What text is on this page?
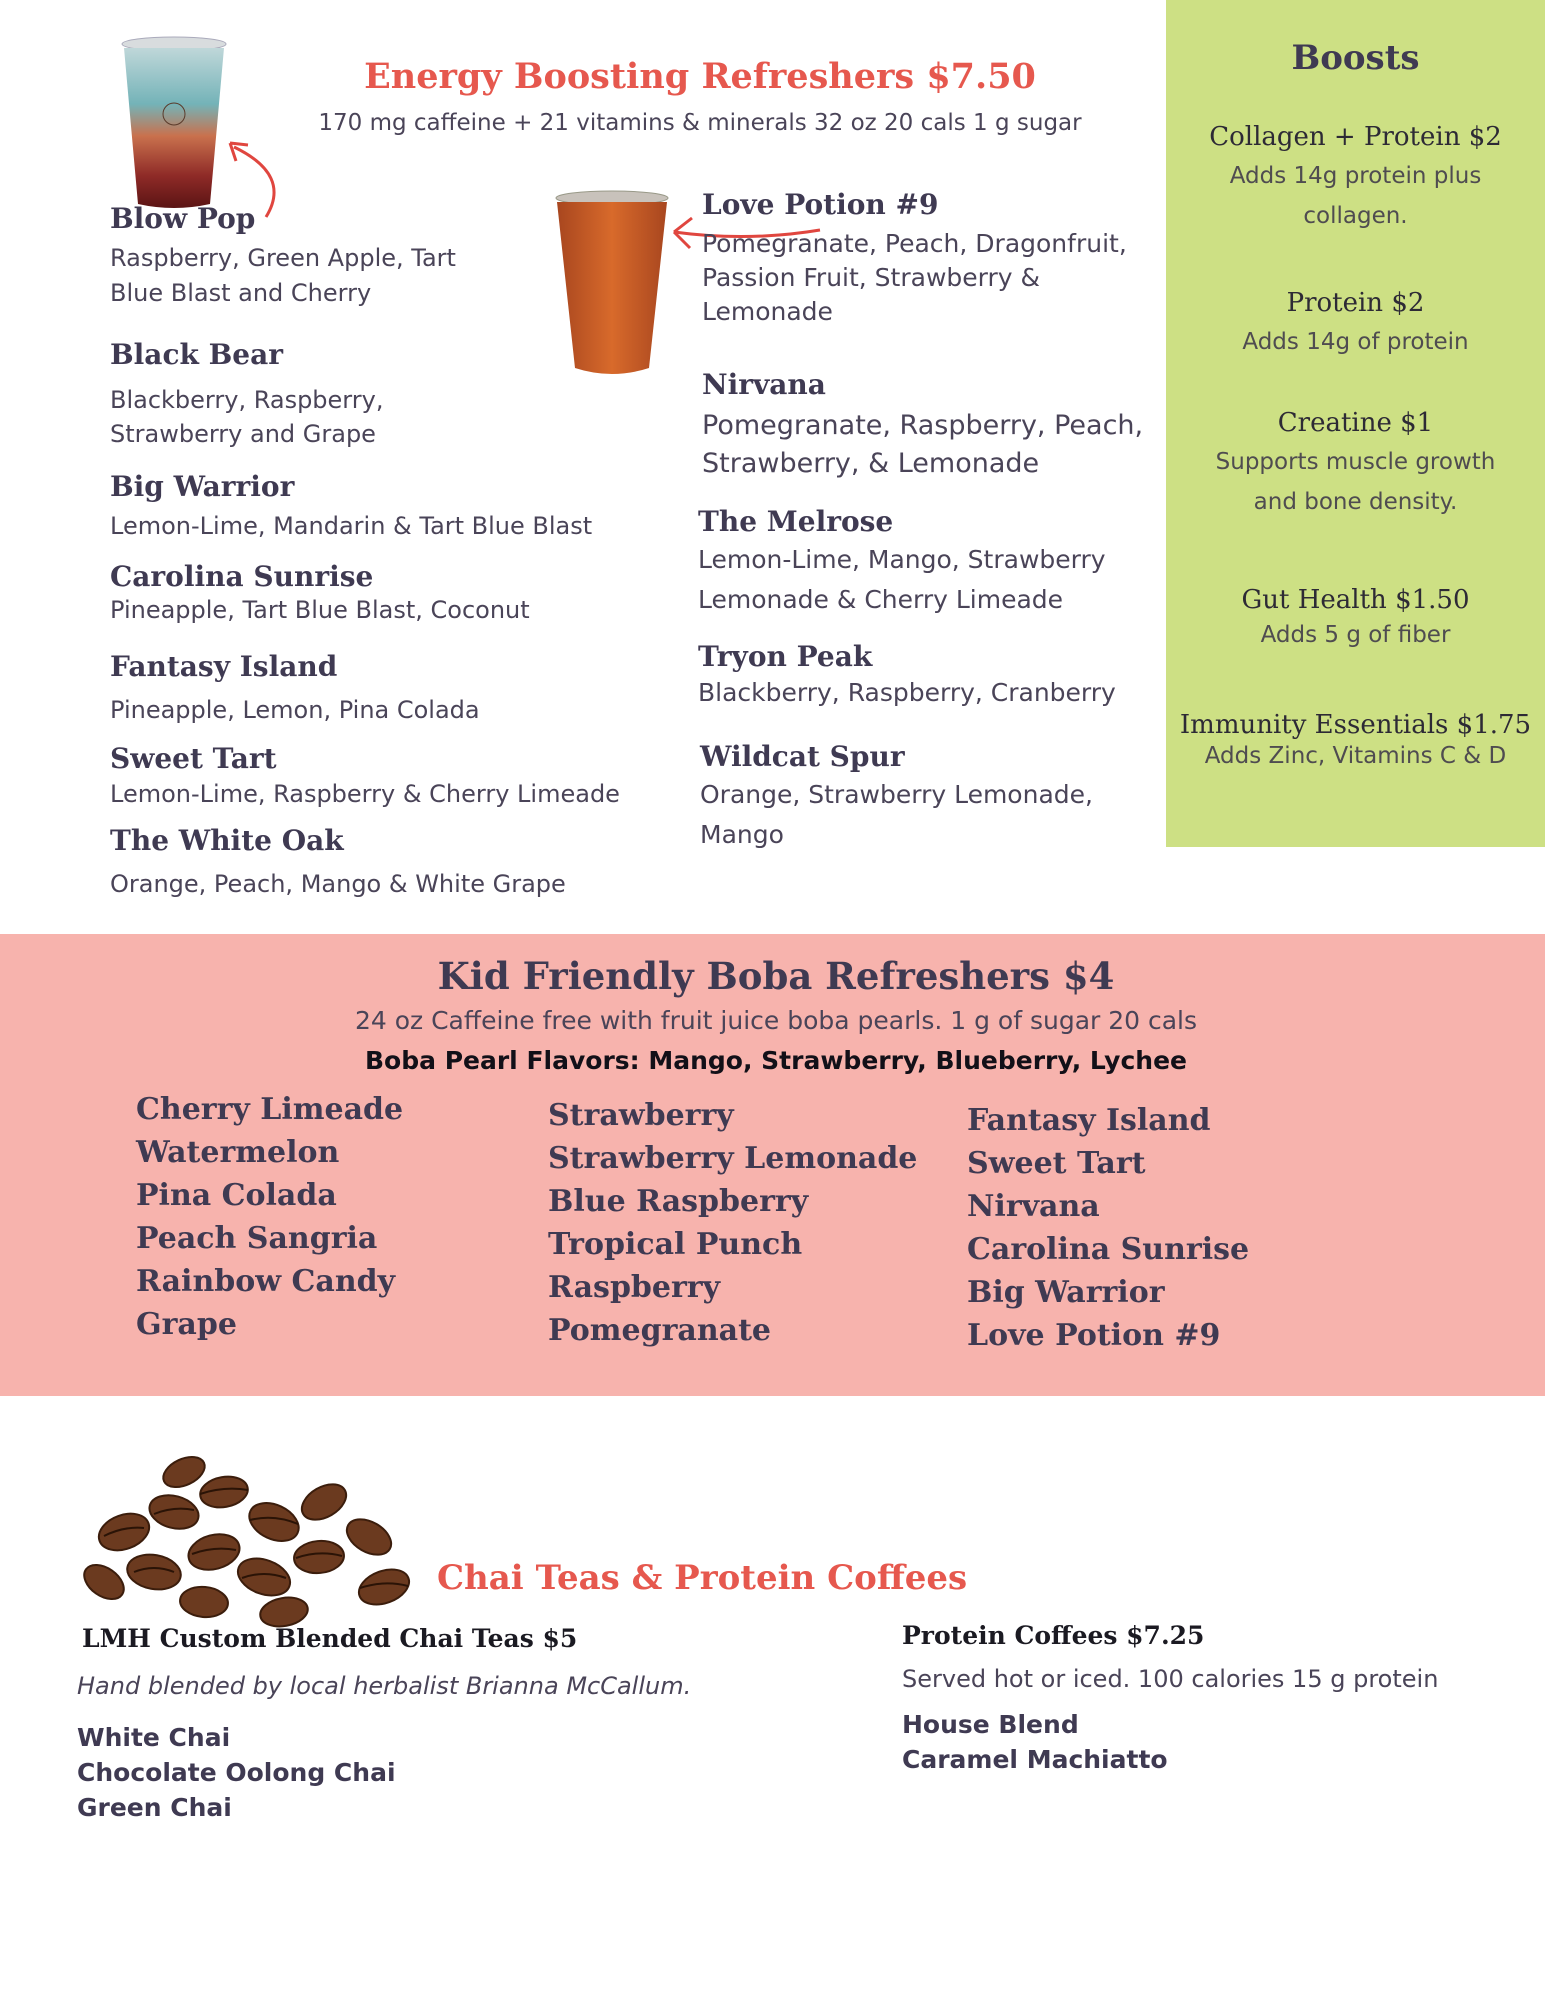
Energy Boosting Refreshers $7.50
170 mg caffeine + 21 vitamins & minerals 32 oz 20 cals 1 g sugar
Blow Pop
Raspberry, Green Apple, Tart Blue Blast and Cherry
Black Bear
Blackberry, Raspberry, Strawberry and Grape
Big Warrior
Lemon-Lime, Mandarin & Tart Blue Blast
Carolina Sunrise
Pineapple, Tart Blue Blast, Coconut
Fantasy Island
Pineapple, Lemon, Pina Colada
Sweet Tart
Lemon-Lime, Raspberry & Cherry Limeade
The White Oak
Orange, Peach, Mango & White Grape
Love Potion #9
Pomegranate, Peach, Dragonfruit, Passion Fruit, Strawberry & Lemonade
Nirvana
Pomegranate, Raspberry, Peach, Strawberry, & Lemonade
The Melrose
Lemon-Lime, Mango, Strawberry Lemonade & Cherry Limeade
Tryon Peak
Blackberry, Raspberry, Cranberry
Wildcat Spur
Orange, Strawberry Lemonade, Mango
Boosts
Collagen + Protein $2
Adds 14g protein plus collagen.
Protein $2
Adds 14g of protein
Creatine $1
Supports muscle growth and bone density.
Gut Health $1.50
Adds 5 g of fiber
Immunity Essentials $1.75
Adds Zinc, Vitamins C & D
Kid Friendly Boba Refreshers $4
24 oz Caffeine free with fruit juice boba pearls. 1 g of sugar 20 cals
Boba Pearl Flavors: Mango, Strawberry, Blueberry, Lychee
Cherry Limeade
Watermelon
Pina Colada
Peach Sangria
Rainbow Candy
Grape
Strawberry
Strawberry Lemonade
Blue Raspberry
Tropical Punch
Raspberry
Pomegranate
Fantasy Island
Sweet Tart
Nirvana
Carolina Sunrise
Big Warrior
Love Potion #9
Chai Teas & Protein Coffees
LMH Custom Blended Chai Teas $5
Hand blended by local herbalist Brianna McCallum.
White Chai
Chocolate Oolong Chai
Green Chai
Protein Coffees $7.25
Served hot or iced. 100 calories 15 g protein
House Blend
Caramel Machiatto
